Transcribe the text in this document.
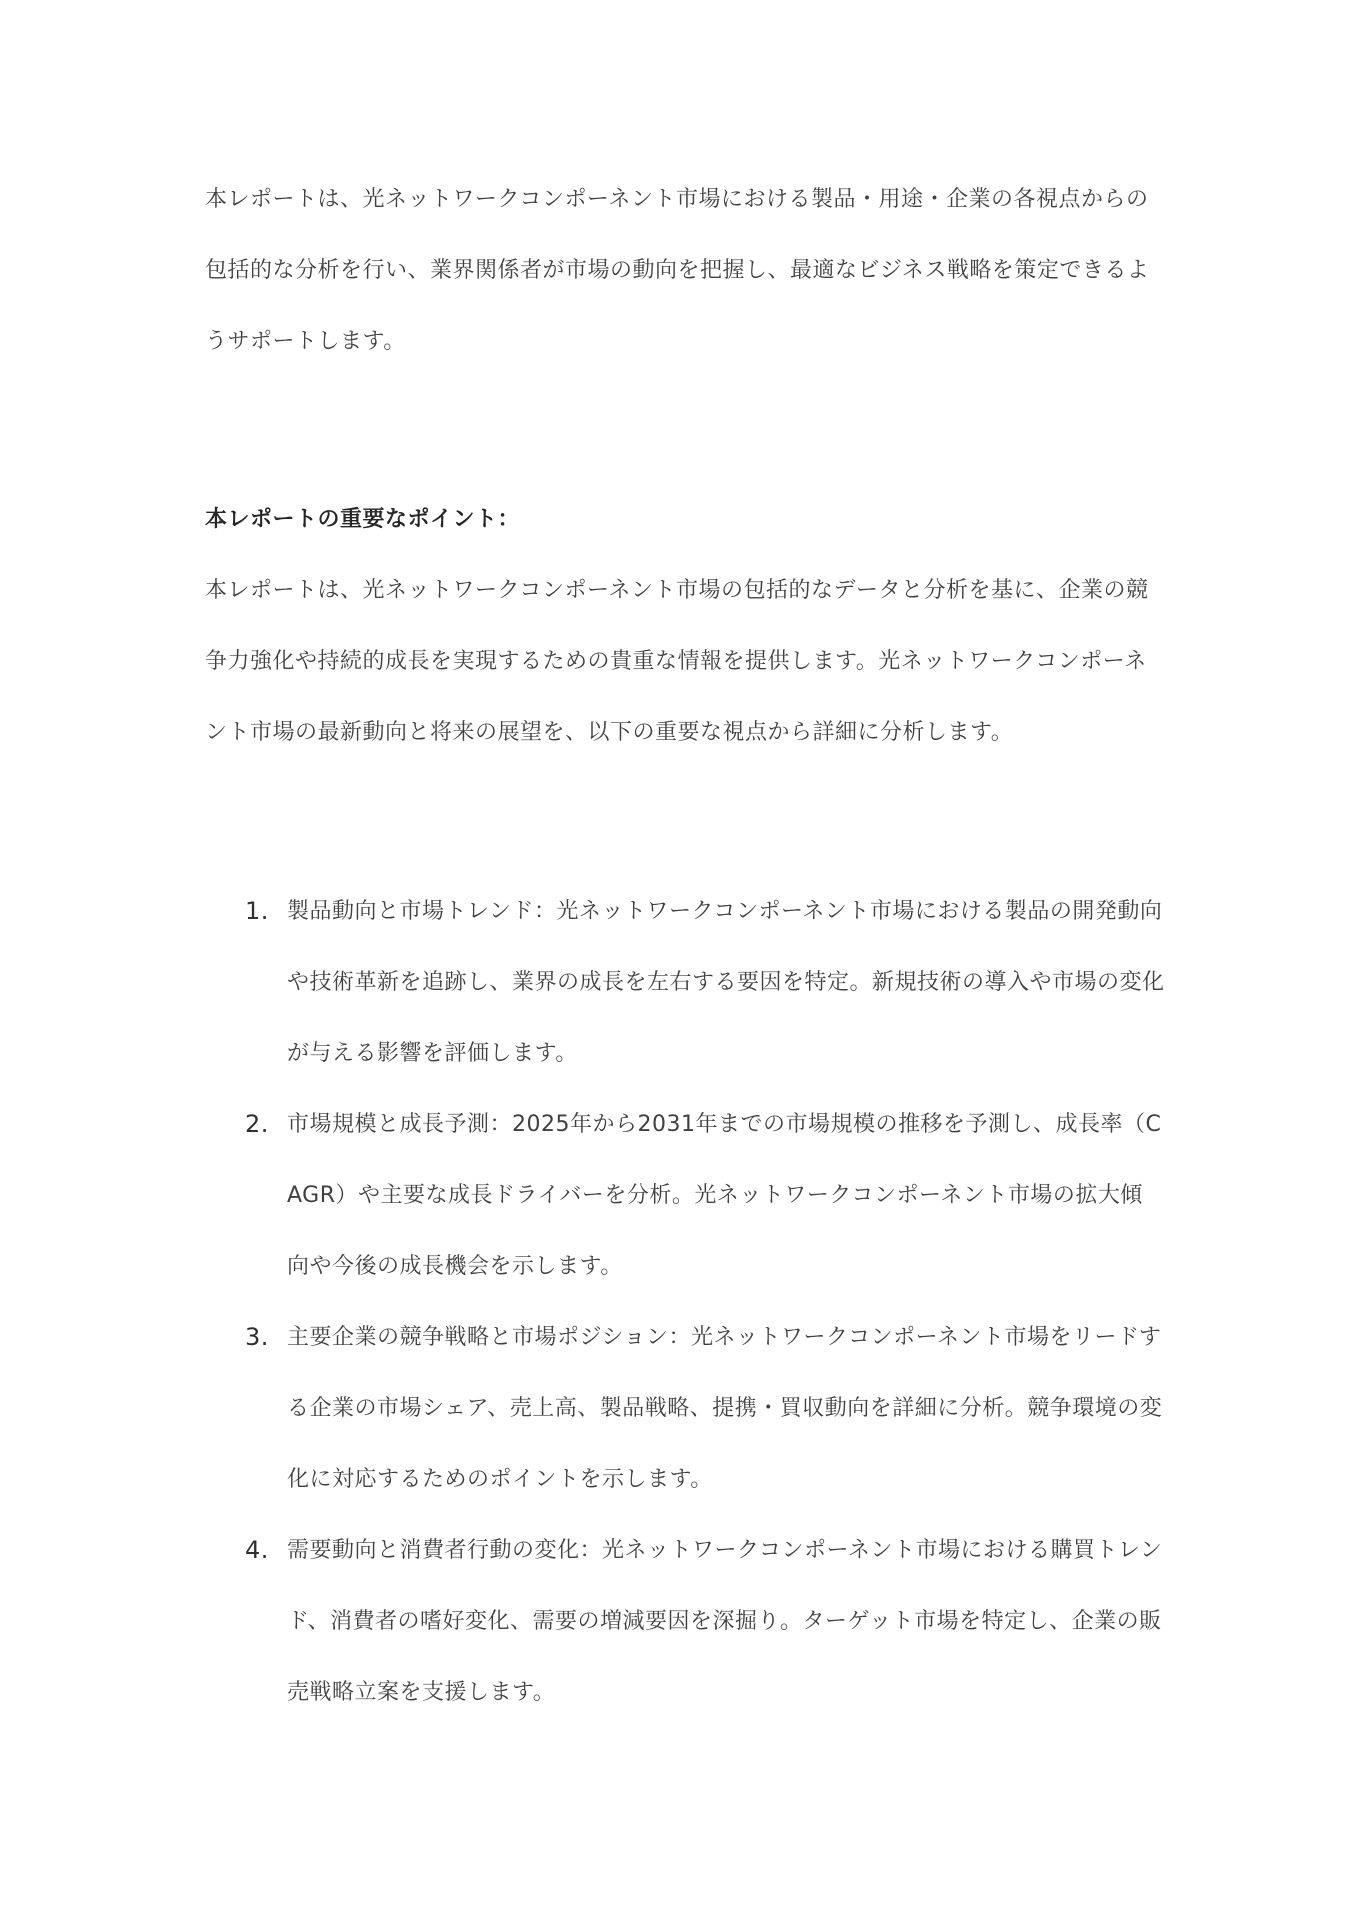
本レポートは、光ネットワークコンポーネント市場における製品・用途・企業の各視点からの包括的な分析を行い、業界関係者が市場の動向を把握し、最適なビジネス戦略を策定できるようサポートします。

本レポートの重要なポイント：

本レポートは、光ネットワークコンポーネント市場の包括的なデータと分析を基に、企業の競争力強化や持続的成長を実現するための貴重な情報を提供します。光ネットワークコンポーネント市場の最新動向と将来の展望を、以下の重要な視点から詳細に分析します。

1. 製品動向と市場トレンド：光ネットワークコンポーネント市場における製品の開発動向や技術革新を追跡し、業界の成長を左右する要因を特定。新規技術の導入や市場の変化が与える影響を評価します。
2. 市場規模と成長予測：2025年から2031年までの市場規模の推移を予測し、成長率（CAGR）や主要な成長ドライバーを分析。光ネットワークコンポーネント市場の拡大傾向や今後の成長機会を示します。
3. 主要企業の競争戦略と市場ポジション：光ネットワークコンポーネント市場をリードする企業の市場シェア、売上高、製品戦略、提携・買収動向を詳細に分析。競争環境の変化に対応するためのポイントを示します。
4. 需要動向と消費者行動の変化：光ネットワークコンポーネント市場における購買トレンド、消費者の嗜好変化、需要の増減要因を深掘り。ターゲット市場を特定し、企業の販売戦略立案を支援します。
